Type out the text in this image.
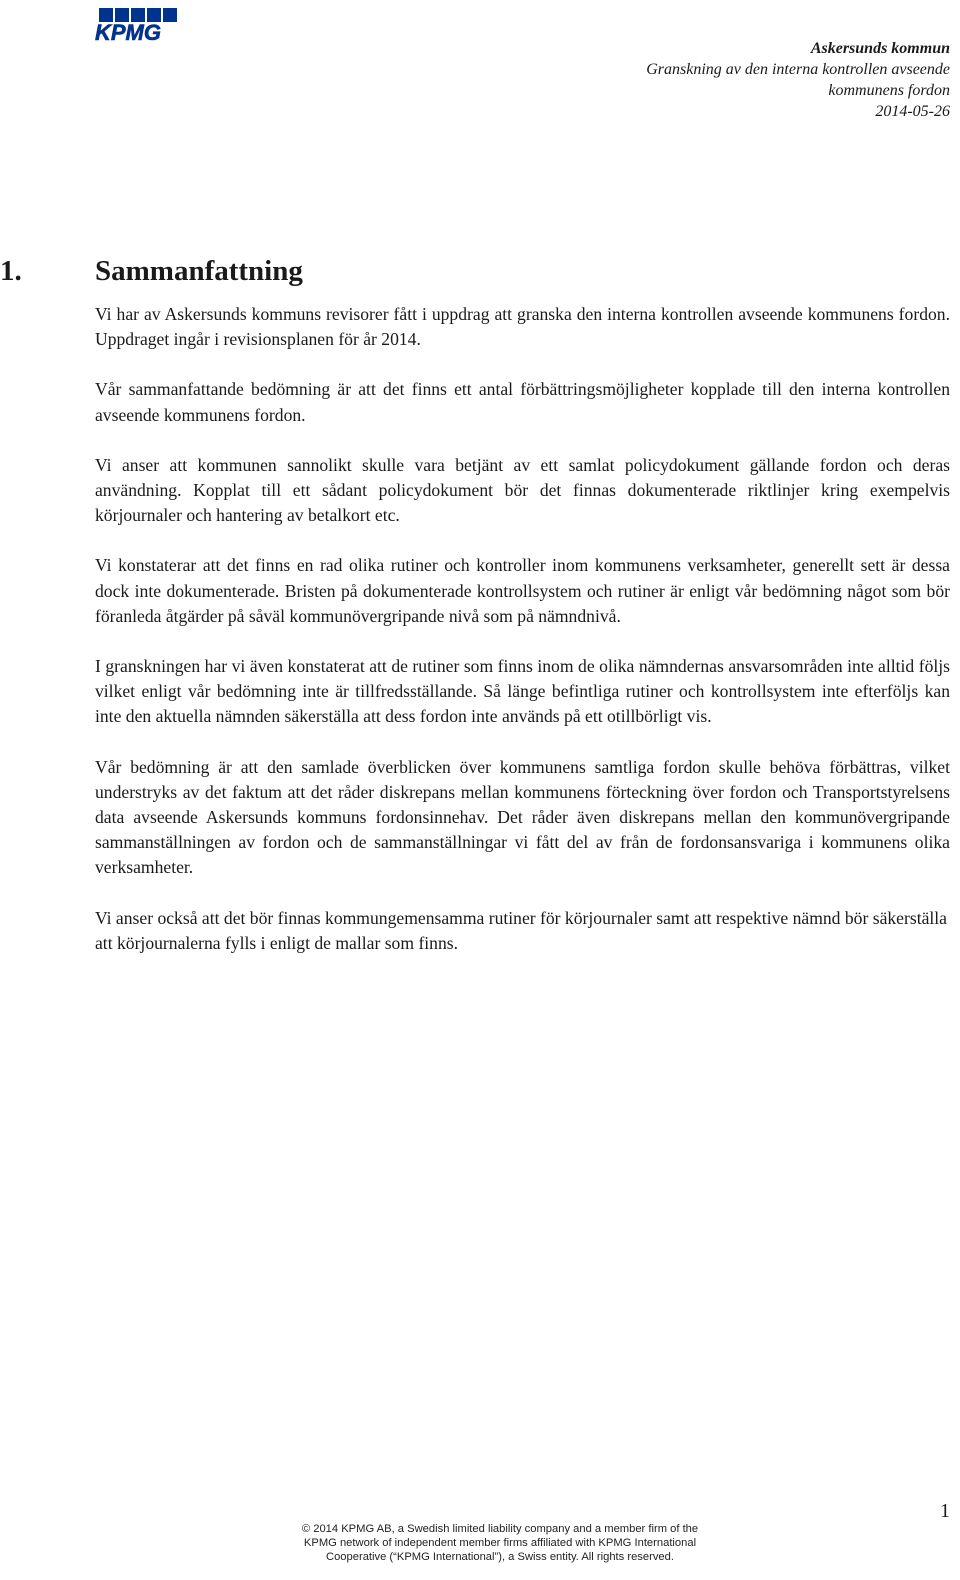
KPMG
Askersunds kommun
Granskning av den interna kontrollen avseende
kommunens fordon
2014-05-26
1.	Sammanfattning

Vi har av Askersunds kommuns revisorer fått i uppdrag att granska den interna kontrollen avseende kommunens fordon. Uppdraget ingår i revisionsplanen för år 2014.

Vår sammanfattande bedömning är att det finns ett antal förbättringsmöjligheter kopplade till den interna kontrollen avseende kommunens fordon.

Vi anser att kommunen sannolikt skulle vara betjänt av ett samlat policydokument gällande fordon och deras användning. Kopplat till ett sådant policydokument bör det finnas dokumenterade riktlinjer kring exempelvis körjournaler och hantering av betalkort etc.

Vi konstaterar att det finns en rad olika rutiner och kontroller inom kommunens verksamheter, generellt sett är dessa dock inte dokumenterade. Bristen på dokumenterade kontrollsystem och rutiner är enligt vår bedömning något som bör föranleda åtgärder på såväl kommunövergripande nivå som på nämndnivå.

I granskningen har vi även konstaterat att de rutiner som finns inom de olika nämndernas ansvarsområden inte alltid följs vilket enligt vår bedömning inte är tillfredsställande. Så länge befintliga rutiner och kontrollsystem inte efterföljs kan inte den aktuella nämnden säkerställa att dess fordon inte används på ett otillbörligt vis.

Vår bedömning är att den samlade överblicken över kommunens samtliga fordon skulle behöva förbättras, vilket understryks av det faktum att det råder diskrepans mellan kommunens förteckning över fordon och Transportstyrelsens data avseende Askersunds kommuns fordonsinnehav. Det råder även diskrepans mellan den kommunövergripande sammanställningen av fordon och de sammanställningar vi fått del av från de fordonsansvariga i kommunens olika verksamheter.

Vi anser också att det bör finnas kommungemensamma rutiner för körjournaler samt att respektive nämnd bör säkerställa att körjournalerna fylls i enligt de mallar som finns.

1
© 2014 KPMG AB, a Swedish limited liability company and a member firm of the
KPMG network of independent member firms affiliated with KPMG International
Cooperative (“KPMG International”), a Swiss entity. All rights reserved.
